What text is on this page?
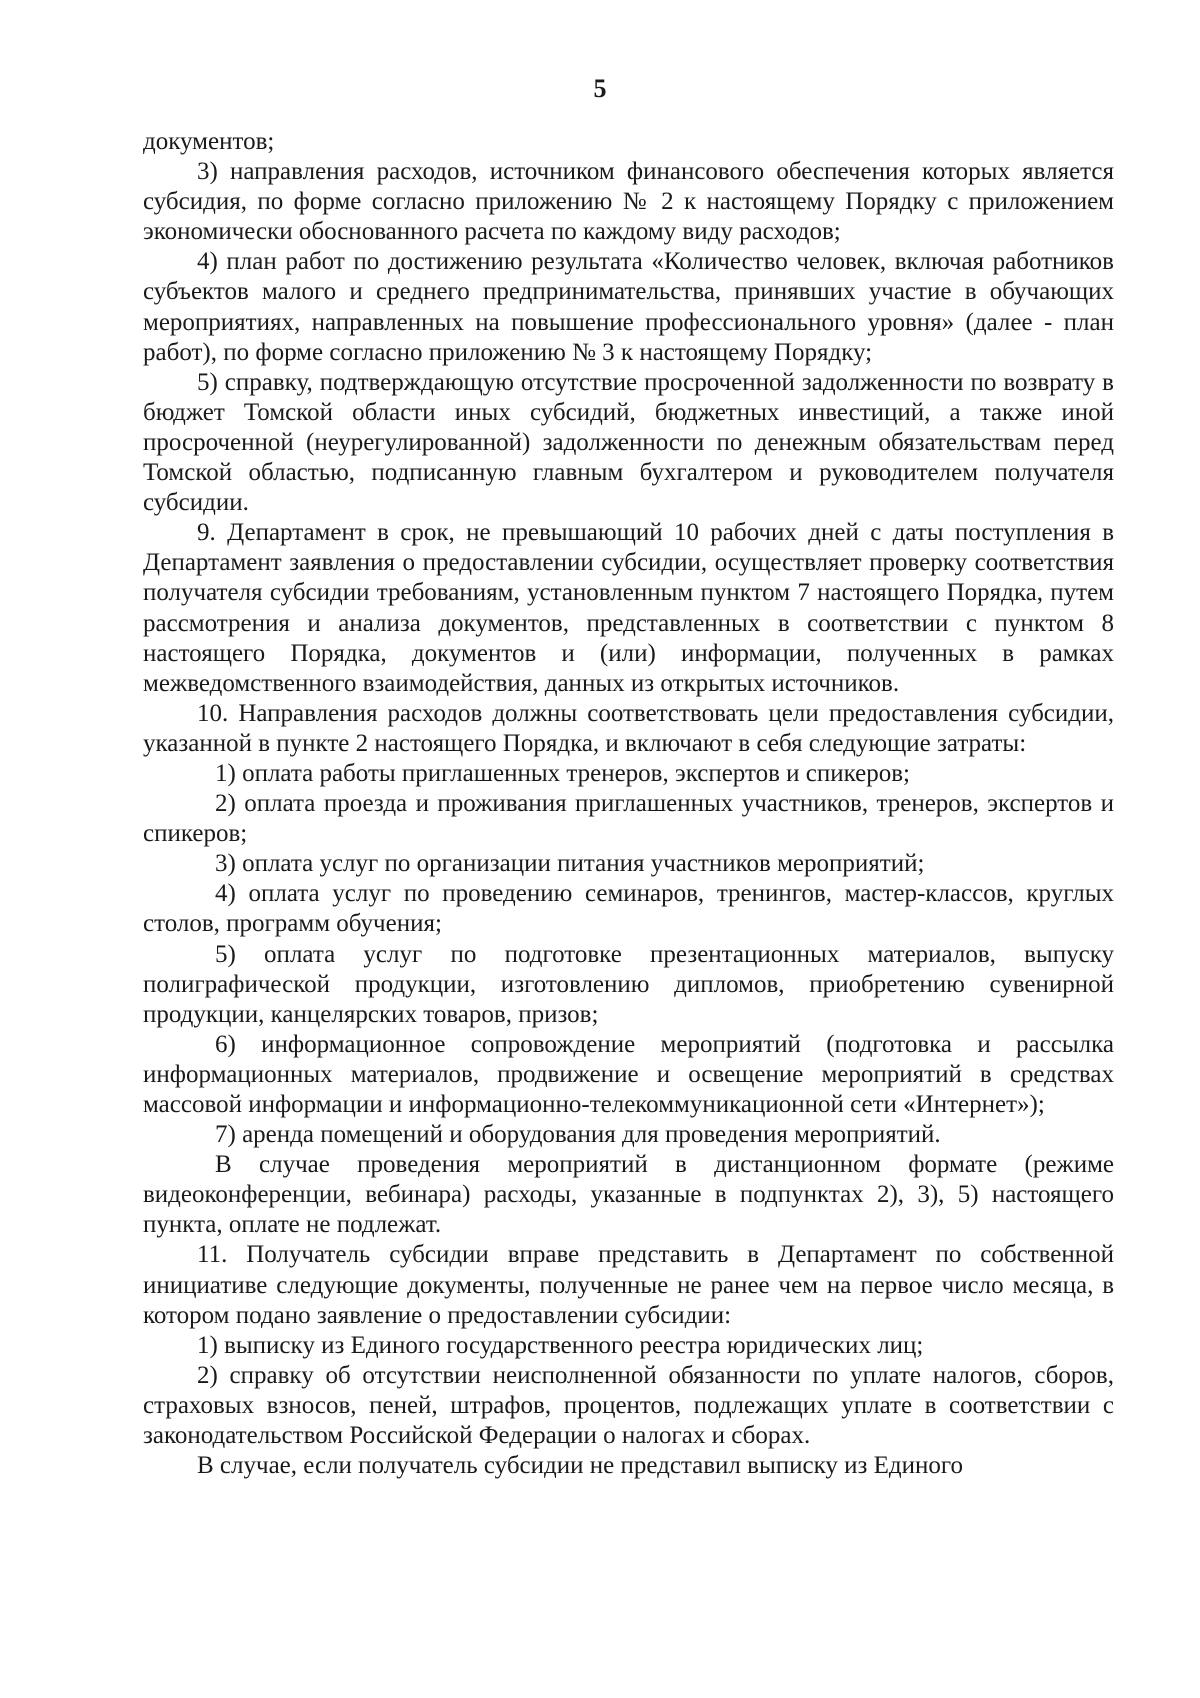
5

документов;

3) направления расходов, источником финансового обеспечения которых является субсидия, по форме согласно приложению № 2 к настоящему Порядку с приложением экономически обоснованного расчета по каждому виду расходов;

4) план работ по достижению результата «Количество человек, включая работников субъектов малого и среднего предпринимательства, принявших участие в обучающих мероприятиях, направленных на повышение профессионального уровня» (далее - план работ), по форме согласно приложению № 3 к настоящему Порядку;

5) справку, подтверждающую отсутствие просроченной задолженности по возврату в бюджет Томской области иных субсидий, бюджетных инвестиций, а также иной просроченной (неурегулированной) задолженности по денежным обязательствам перед Томской областью, подписанную главным бухгалтером и руководителем получателя субсидии.

9. Департамент в срок, не превышающий 10 рабочих дней с даты поступления в Департамент заявления о предоставлении субсидии, осуществляет проверку соответствия получателя субсидии требованиям, установленным пунктом 7 настоящего Порядка, путем рассмотрения и анализа документов, представленных в соответствии с пунктом 8 настоящего Порядка, документов и (или) информации, полученных в рамках межведомственного взаимодействия, данных из открытых источников.

10. Направления расходов должны соответствовать цели предоставления субсидии, указанной в пункте 2 настоящего Порядка, и включают в себя следующие затраты:

1) оплата работы приглашенных тренеров, экспертов и спикеров;

2) оплата проезда и проживания приглашенных участников, тренеров, экспертов и спикеров;

3) оплата услуг по организации питания участников мероприятий;

4) оплата услуг по проведению семинаров, тренингов, мастер-классов, круглых столов, программ обучения;

5) оплата услуг по подготовке презентационных материалов, выпуску полиграфической продукции, изготовлению дипломов, приобретению сувенирной продукции, канцелярских товаров, призов;

6) информационное сопровождение мероприятий (подготовка и рассылка информационных материалов, продвижение и освещение мероприятий в средствах массовой информации и информационно-телекоммуникационной сети «Интернет»);

7) аренда помещений и оборудования для проведения мероприятий.

В случае проведения мероприятий в дистанционном формате (режиме видеоконференции, вебинара) расходы, указанные в подпунктах 2), 3), 5) настоящего пункта, оплате не подлежат.

11. Получатель субсидии вправе представить в Департамент по собственной инициативе следующие документы, полученные не ранее чем на первое число месяца, в котором подано заявление о предоставлении субсидии:

1) выписку из Единого государственного реестра юридических лиц;

2) справку об отсутствии неисполненной обязанности по уплате налогов, сборов, страховых взносов, пеней, штрафов, процентов, подлежащих уплате в соответствии с законодательством Российской Федерации о налогах и сборах.

В случае, если получатель субсидии не представил выписку из Единого
